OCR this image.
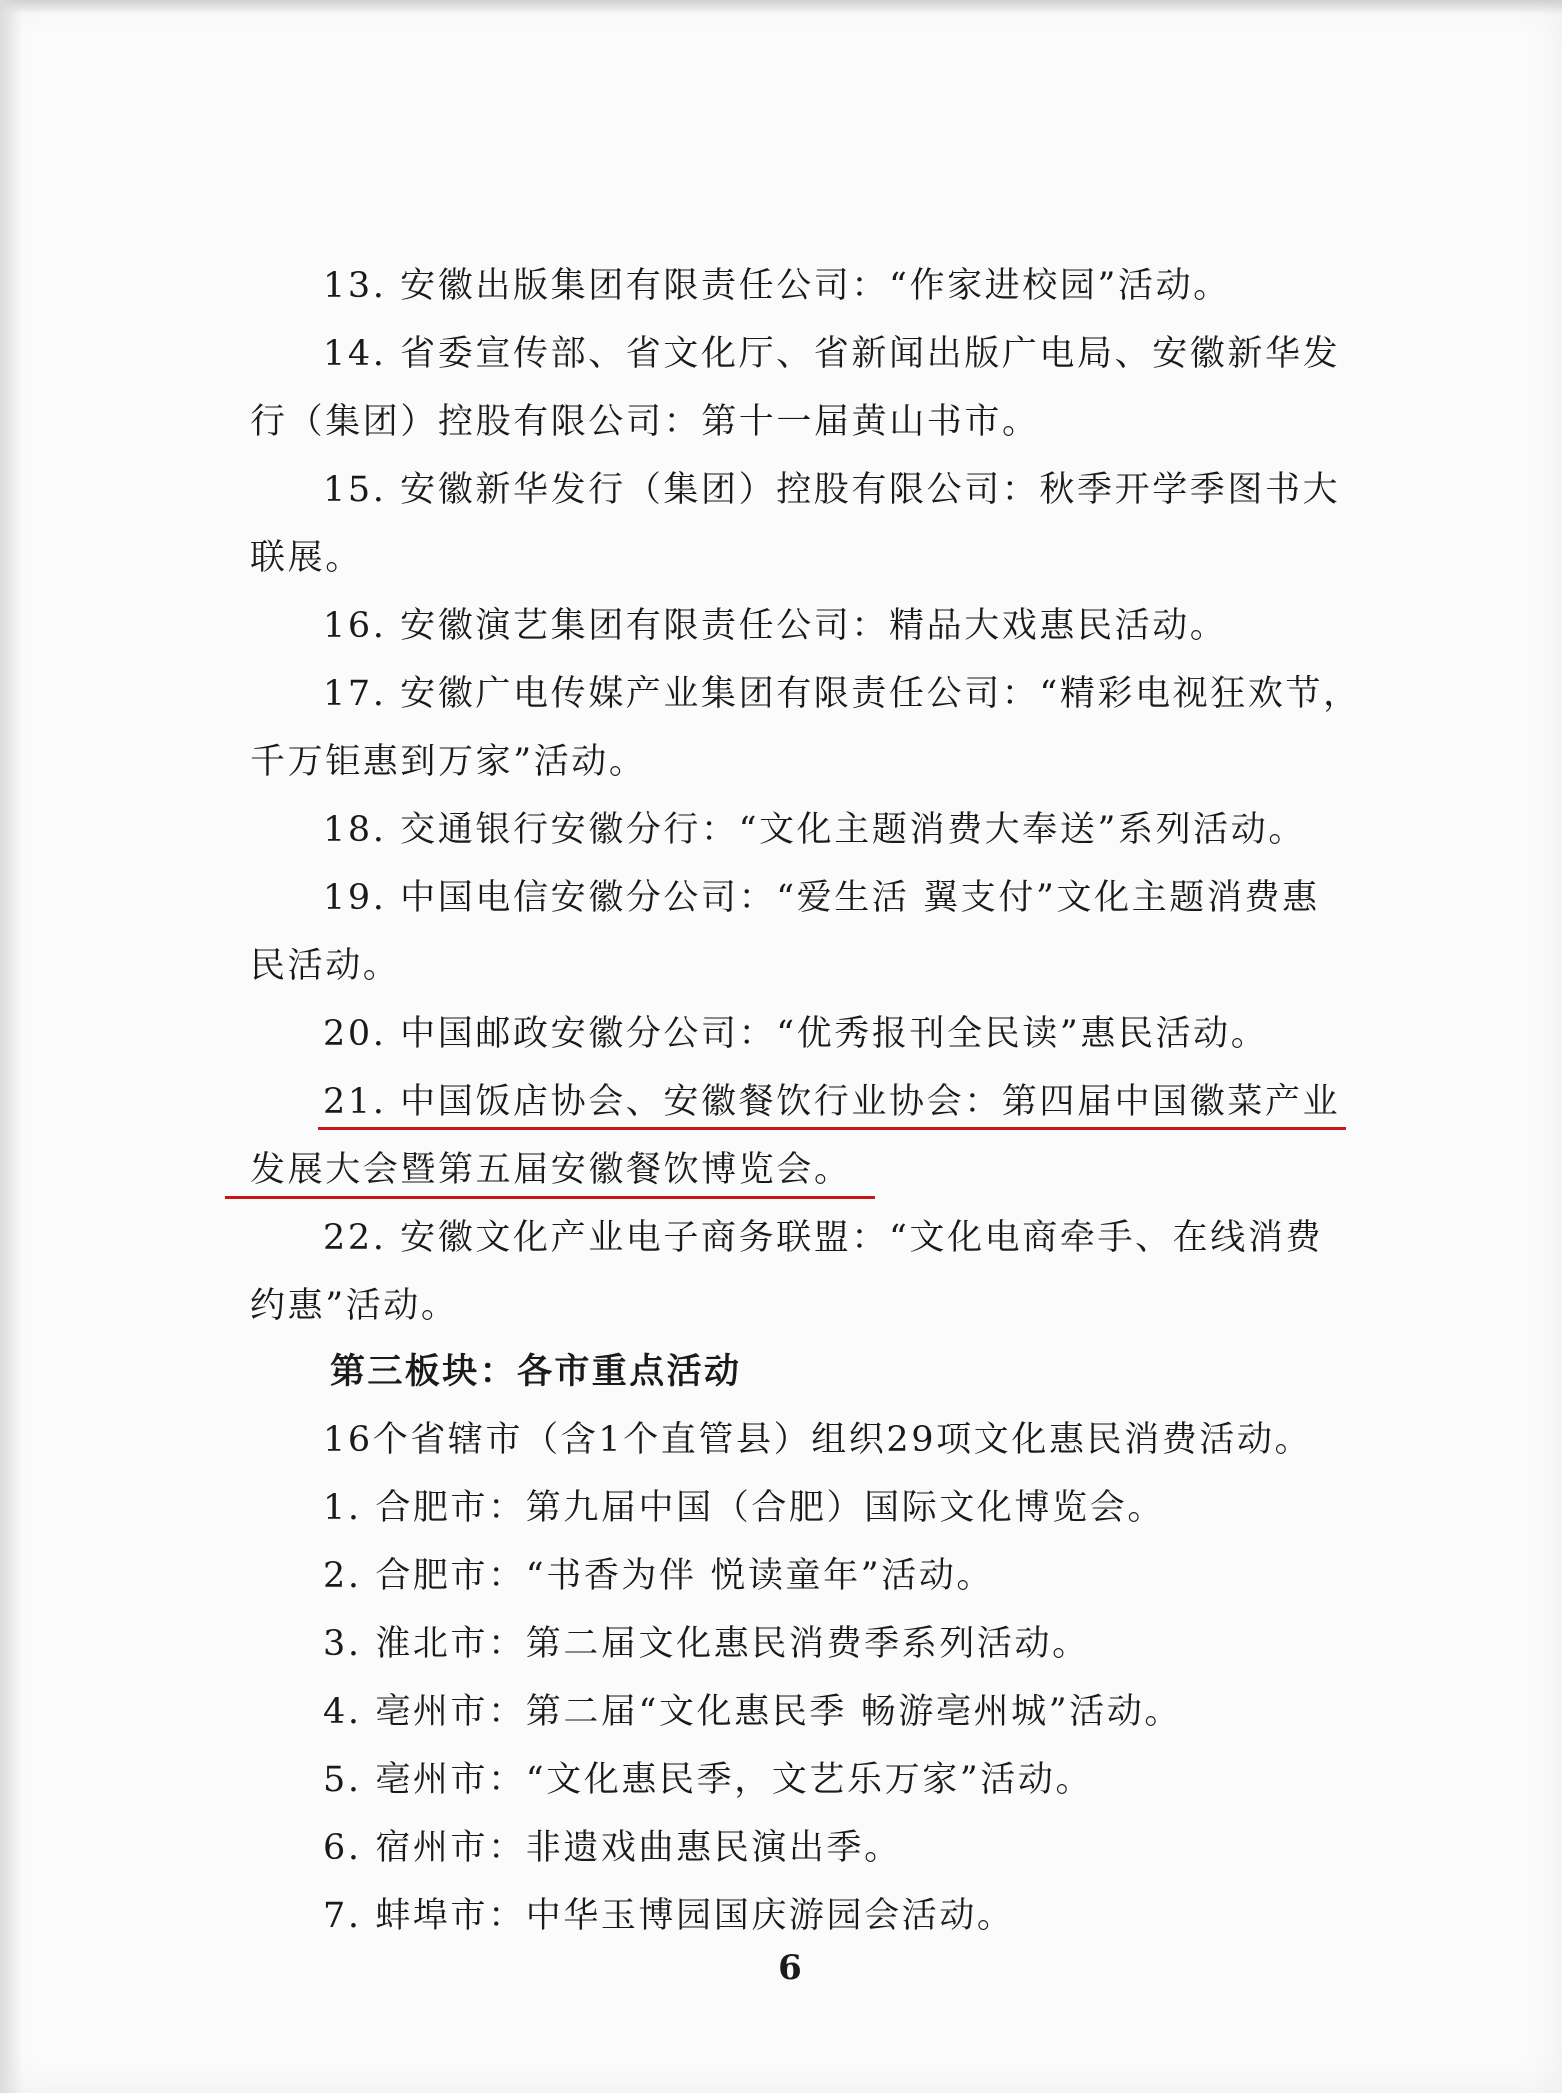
13. 安徽出版集团有限责任公司：“作家进校园”活动。

14. 省委宣传部、省文化厅、省新闻出版广电局、安徽新华发

行（集团）控股有限公司：第十一届黄山书市。

15. 安徽新华发行（集团）控股有限公司：秋季开学季图书大

联展。

16. 安徽演艺集团有限责任公司：精品大戏惠民活动。

17. 安徽广电传媒产业集团有限责任公司：“精彩电视狂欢节，

千万钜惠到万家”活动。

18. 交通银行安徽分行：“文化主题消费大奉送”系列活动。

19. 中国电信安徽分公司：“爱生活 翼支付”文化主题消费惠

民活动。

20. 中国邮政安徽分公司：“优秀报刊全民读”惠民活动。

21. 中国饭店协会、安徽餐饮行业协会：第四届中国徽菜产业

发展大会暨第五届安徽餐饮博览会。

22. 安徽文化产业电子商务联盟：“文化电商牵手、在线消费

约惠”活动。

第三板块：各市重点活动

16个省辖市（含1个直管县）组织29项文化惠民消费活动。

1. 合肥市：第九届中国（合肥）国际文化博览会。

2. 合肥市：“书香为伴 悦读童年”活动。

3. 淮北市：第二届文化惠民消费季系列活动。

4. 亳州市：第二届“文化惠民季 畅游亳州城”活动。

5. 亳州市：“文化惠民季，文艺乐万家”活动。

6. 宿州市：非遗戏曲惠民演出季。

7. 蚌埠市：中华玉博园国庆游园会活动。

6
